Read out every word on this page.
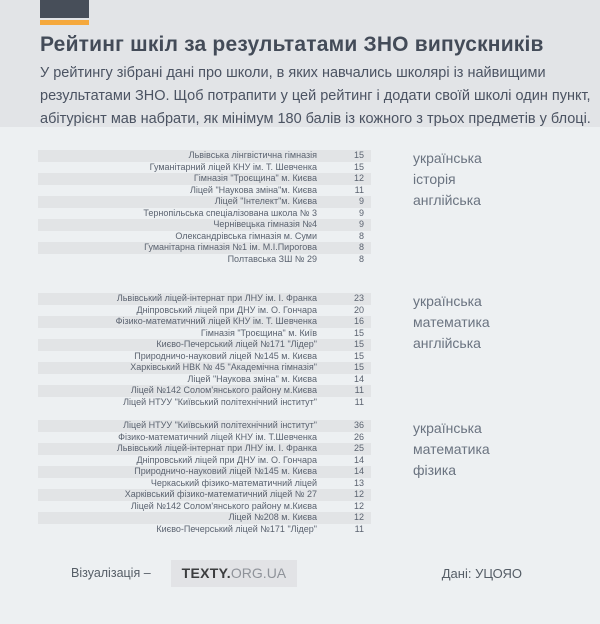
Рейтинг шкіл за результатами ЗНО випускників
У рейтингу зібрані дані про школи, в яких навчались школярі із найвищими
результатами ЗНО. Щоб потрапити у цей рейтинг і додати своїй школі один пункт,
абітурієнт мав набрати, як мінімум 180 балів із кожного з трьох предметів у блоці.
Львівська лінгвістична гімназія	15
Гуманітарний ліцей КНУ ім. Т. Шевченка	15
Гімназія "Троєщина" м. Києва	12
Ліцей "Наукова зміна"м. Києва	11
Ліцей "Інтелект"м. Києва	9
Тернопільська спеціалізована школа № 3	9
Чернівецька гімназія №4	9
Олександрівська гімназія м. Суми	8
Гуманітарна гімназія №1 ім. М.І.Пирогова	8
Полтавська ЗШ № 29	8
українська
історія
англійська
Львівський ліцей-інтернат при ЛНУ ім. І. Франка	23
Дніпровський ліцей при ДНУ ім. О. Гончара	20
Фізико-математичний ліцей КНУ ім. Т. Шевченка	16
Гімназія "Троєщина" м. Київ	15
Києво-Печерський ліцей №171 "Лідер"	15
Природничо-науковий ліцей №145 м. Києва	15
Харківський НВК № 45 "Академічна гімназія"	15
Ліцей "Наукова зміна" м. Києва	14
Ліцей №142 Солом'янського району м.Києва	11
Ліцей НТУУ "Київський політехнічний інститут"	11
українська
математика
англійська
Ліцей НТУУ "Київський політехнічний інститут"	36
Фізико-математичний ліцей КНУ ім. Т.Шевченка	26
Львівський ліцей-інтернат при ЛНУ ім. І. Франка	25
Дніпровський ліцей при ДНУ ім. О. Гончара	14
Природничо-науковий ліцей №145 м. Києва	14
Черкаський фізико-математичний ліцей	13
Харківський фізико-математичний ліцей № 27	12
Ліцей №142 Солом'янського району м.Києва	12
Ліцей №208 м. Києва	12
Києво-Печерський ліцей №171 "Лідер"	11
українська
математика
фізика
Візуалізація –	TEXTY.ORG.UA	Дані: УЦОЯО
